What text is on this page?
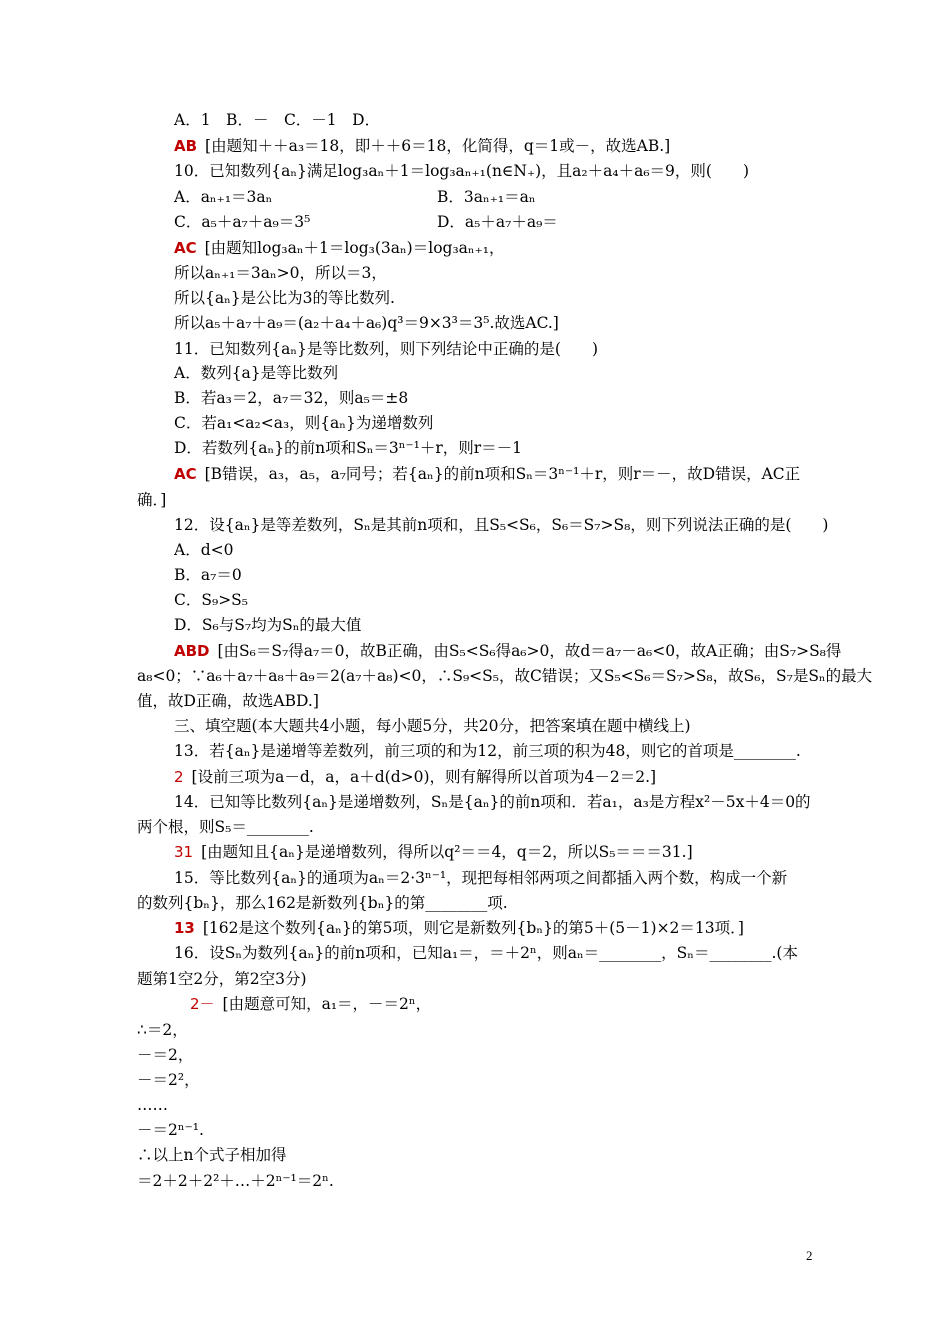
A．1　B．－　C．－1　D．
AB [由题知＋＋a₃＝18，即＋＋6＝18，化简得，q＝1或－，故选AB.]
10．已知数列{aₙ}满足log₃aₙ＋1＝log₃aₙ₊₁(n∈N₊)，且a₂＋a₄＋a₆＝9，则(　　)
A．aₙ₊₁＝3aₙ	B．3aₙ₊₁＝aₙ
C．a₅＋a₇＋a₉＝3⁵	D．a₅＋a₇＋a₉＝
AC [由题知log₃aₙ＋1＝log₃(3aₙ)＝log₃aₙ₊₁，
所以aₙ₊₁＝3aₙ>0，所以＝3，
所以{aₙ}是公比为3的等比数列.
所以a₅＋a₇＋a₉＝(a₂＋a₄＋a₆)q³＝9×3³＝3⁵.故选AC.]
11．已知数列{aₙ}是等比数列，则下列结论中正确的是(　　)
A．数列{a}是等比数列
B．若a₃＝2，a₇＝32，则a₅＝±8
C．若a₁<a₂<a₃，则{aₙ}为递增数列
D．若数列{aₙ}的前n项和Sₙ＝3ⁿ⁻¹＋r，则r＝－1
AC [B错误，a₃，a₅，a₇同号；若{aₙ}的前n项和Sₙ＝3ⁿ⁻¹＋r，则r＝－，故D错误，AC正
确．]
12．设{aₙ}是等差数列，Sₙ是其前n项和，且S₅<S₆，S₆＝S₇>S₈，则下列说法正确的是(　　)
A．d<0
B．a₇＝0
C．S₉>S₅
D．S₆与S₇均为Sₙ的最大值
ABD [由S₆＝S₇得a₇＝0，故B正确，由S₅<S₆得a₆>0，故d＝a₇－a₆<0，故A正确；由S₇>S₈得
a₈<0；∵a₆＋a₇＋a₈＋a₉＝2(a₇＋a₈)<0，∴S₉<S₅，故C错误；又S₅<S₆＝S₇>S₈，故S₆，S₇是Sₙ的最大
值，故D正确，故选ABD.]
三、填空题(本大题共4小题，每小题5分，共20分，把答案填在题中横线上)
13．若{aₙ}是递增等差数列，前三项的和为12，前三项的积为48，则它的首项是________.
2 [设前三项为a－d，a，a＋d(d>0)，则有解得所以首项为4－2＝2.]
14．已知等比数列{aₙ}是递增数列，Sₙ是{aₙ}的前n项和．若a₁，a₃是方程x²－5x＋4＝0的
两个根，则S₅＝________.
31 [由题知且{aₙ}是递增数列，得所以q²＝＝4，q＝2，所以S₅＝＝＝31.]
15．等比数列{aₙ}的通项为aₙ＝2·3ⁿ⁻¹，现把每相邻两项之间都插入两个数，构成一个新
的数列{bₙ}，那么162是新数列{bₙ}的第________项.
13 [162是这个数列{aₙ}的第5项，则它是新数列{bₙ}的第5＋(5－1)×2＝13项．]
16．设Sₙ为数列{aₙ}的前n项和，已知a₁＝，＝＋2ⁿ，则aₙ＝________，Sₙ＝________.(本
题第1空2分，第2空3分)
2－ [由题意可知，a₁＝，－＝2ⁿ，
∴＝2，
－＝2，
－＝2²，
……
－＝2ⁿ⁻¹.
∴以上n个式子相加得
＝2＋2＋2²＋…＋2ⁿ⁻¹＝2ⁿ.
2
